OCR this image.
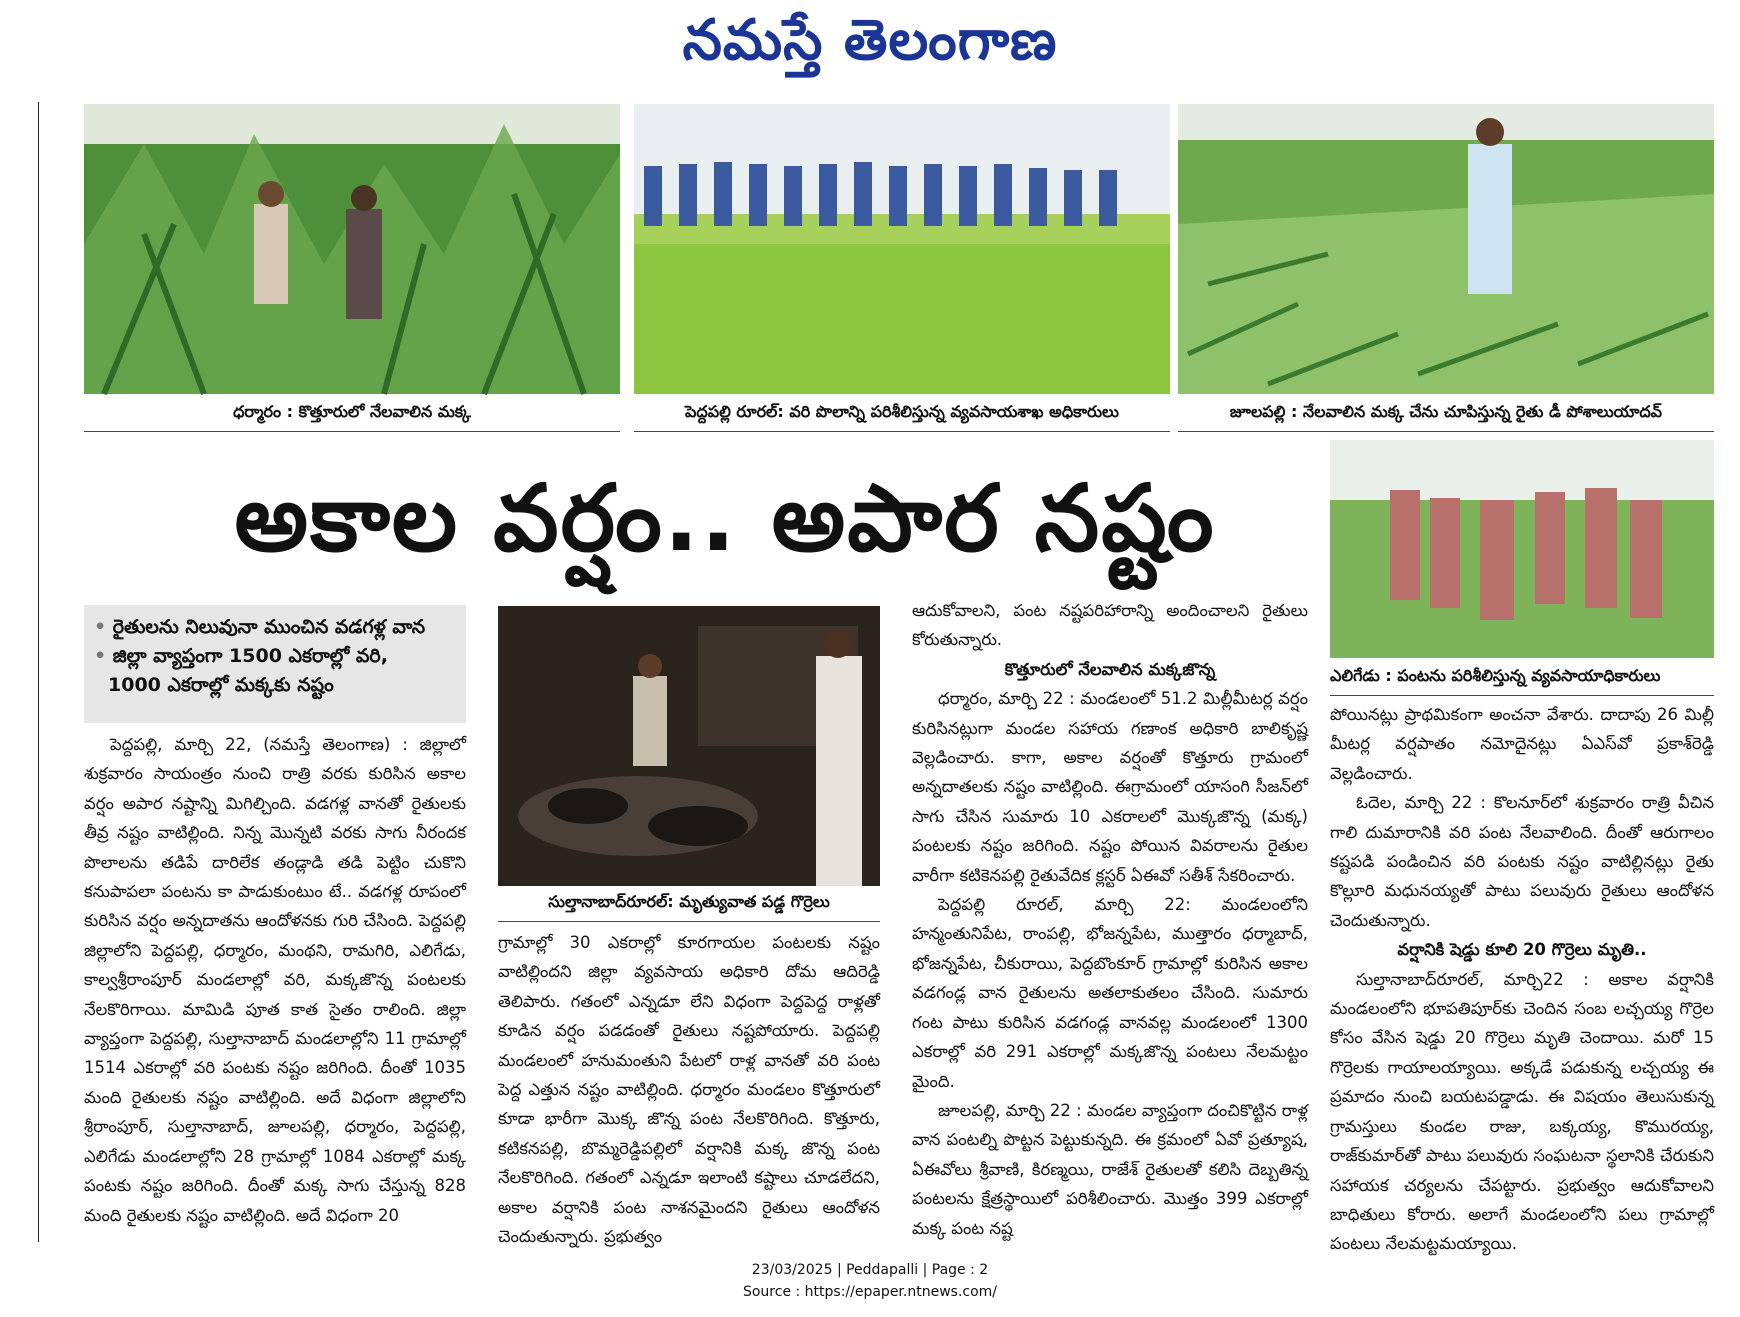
నమస్తే తెలంగాణ
ధర్మారం : కొత్తూరులో నేలవాలిన మక్క	పెద్దపల్లి రూరల్: వరి పొలాన్ని పరిశీలిస్తున్న వ్యవసాయశాఖ అధికారులు	జూలపల్లి : నేలవాలిన మక్క చేను చూపిస్తున్న రైతు డీ పోశాలుయాదవ్
అకాల వర్షం.. అపార నష్టం
ఎలిగేడు : పంటను పరిశీలిస్తున్న వ్యవసాయాధికారులు
• రైతులను నిలువునా ముంచిన వడగళ్ల వాన
• జిల్లా వ్యాప్తంగా 1500 ఎకరాల్లో వరి,
1000 ఎకరాల్లో మక్కకు నష్టం
సుల్తానాబాద్‌రూరల్: మృత్యువాత పడ్డ గొర్రెలు

పెద్దపల్లి, మార్చి 22, (నమస్తే తెలంగాణ) : జిల్లాలో శుక్రవారం సాయంత్రం నుంచి రాత్రి వరకు కురిసిన అకాల వర్షం అపార నష్టాన్ని మిగిల్చింది. వడగళ్ల వానతో రైతులకు తీవ్ర నష్టం వాటిల్లింది. నిన్న మొన్నటి వరకు సాగు నీరందక పొలాలను తడిపే దారిలేక తండ్లాడి తడి పెట్టిం చుకొని కనుపాపలా పంటను కా పాడుకుంటుం టే.. వడగళ్ల రూపంలో కురిసిన వర్షం అన్నదాతను ఆందోళనకు గురి చేసింది. పెద్దపల్లి జిల్లాలోని పెద్దపల్లి, ధర్మారం, మంథని, రామగిరి, ఎలిగేడు, కాల్వశ్రీరాంపూర్ మండలాల్లో వరి, మక్కజొన్న పంటలకు నేలకొరిగాయి. మామిడి పూత కాత సైతం రాలింది. జిల్లా వ్యాప్తంగా పెద్దపల్లి, సుల్తానాబాద్ మండలాల్లోని 11 గ్రామాల్లో 1514 ఎకరాల్లో వరి పంటకు నష్టం జరిగింది. దీంతో 1035 మంది రైతులకు నష్టం వాటిల్లింది. అదే విధంగా జిల్లాలోని శ్రీరాంపూర్, సుల్తానాబాద్, జూలపల్లి, ధర్మారం, పెద్దపల్లి, ఎలిగేడు మండలాల్లోని 28 గ్రామాల్లో 1084 ఎకరాల్లో మక్క పంటకు నష్టం జరిగింది. దీంతో మక్క సాగు చేస్తున్న 828 మంది రైతులకు నష్టం వాటిల్లింది. అదే విధంగా 20

గ్రామాల్లో 30 ఎకరాల్లో కూరగాయల పంటలకు నష్టం వాటిల్లిందని జిల్లా వ్యవసాయ అధికారి దోమ ఆదిరెడ్డి తెలిపారు. గతంలో ఎన్నడూ లేని విధంగా పెద్దపెద్ద రాళ్లతో కూడిన వర్షం పడడంతో రైతులు నష్టపోయారు. పెద్దపల్లి మండలంలో హనుమంతుని పేటలో రాళ్ల వానతో వరి పంట పెద్ద ఎత్తున నష్టం వాటిల్లింది. ధర్మారం మండలం కొత్తూరులో కూడా భారీగా మొక్క జొన్న పంట నేలకొరిగింది. కొత్తూరు, కటికనపల్లి, బొమ్మరెడ్డిపల్లిలో వర్షానికి మక్క జొన్న పంట నేలకొరిగింది. గతంలో ఎన్నడూ ఇలాంటి కష్టాలు చూడలేదని, అకాల వర్షానికి పంట నాశనమైందని రైతులు ఆందోళన చెందుతున్నారు. ప్రభుత్వం

ఆదుకోవాలని, పంట నష్టపరిహారాన్ని అందించాలని రైతులు కోరుతున్నారు.

కొత్తూరులో నేలవాలిన మక్కజొన్న

ధర్మారం, మార్చి 22 : మండలంలో 51.2 మిల్లీమీటర్ల వర్షం కురిసినట్లుగా మండల సహాయ గణాంక అధికారి బాలికృష్ణ వెల్లడించారు. కాగా, అకాల వర్షంతో కొత్తూరు గ్రామంలో అన్నదాతలకు నష్టం వాటిల్లింది. ఈగ్రామంలో యాసంగి సీజన్‌లో సాగు చేసిన సుమారు 10 ఎకరాలలో మొక్కజొన్న (మక్క) పంటలకు నష్టం జరిగింది. నష్టం పోయిన వివరాలను రైతుల వారీగా కటికెనపల్లి రైతువేదిక క్లస్టర్ ఏఈవో సతీశ్ సేకరించారు.

పెద్దపల్లి రూరల్, మార్చి 22: మండలంలోని హన్మంతునిపేట, రాంపల్లి, భోజన్నపేట, ముత్తారం ధర్మాబాద్, భోజన్నపేట, చీకురాయి, పెద్దబొంకూర్ గ్రామాల్లో కురిసిన అకాల వడగండ్ల వాన రైతులను అతలాకుతలం చేసింది. సుమారు గంట పాటు కురిసిన వడగండ్ల వానవల్ల మండలంలో 1300 ఎకరాల్లో వరి 291 ఎకరాల్లో మక్కజొన్న పంటలు నేలమట్టం మైంది.

జూలపల్లి, మార్చి 22 : మండల వ్యాప్తంగా దంచికొట్టిన రాళ్ల వాన పంటల్ని పొట్టన పెట్టుకున్నది. ఈ క్రమంలో ఏవో ప్రత్యూష, ఏఈవోలు శ్రీవాణి, కిరణ్మయి, రాజేశ్ రైతులతో కలిసి దెబ్బతిన్న పంటలను క్షేత్రస్థాయిలో పరిశీలించారు. మొత్తం 399 ఎకరాల్లో మక్క పంట నష్ట

పోయినట్లు ప్రాథమికంగా అంచనా వేశారు. దాదాపు 26 మిల్లీ మీటర్ల వర్షపాతం నమోదైనట్లు ఏఎస్‌వో ప్రకాశ్‌రెడ్డి వెల్లడించారు.

ఓదెల, మార్చి 22 : కొలనూర్‌లో శుక్రవారం రాత్రి వీచిన గాలి దుమారానికి వరి పంట నేలవాలింది. దీంతో ఆరుగాలం కష్టపడి పండించిన వరి పంటకు నష్టం వాటిల్లినట్లు రైతు కొల్లూరి మధునయ్యతో పాటు పలువురు రైతులు ఆందోళన చెందుతున్నారు.

వర్షానికి షెడ్డు కూలి 20 గొర్రెలు మృతి..

సుల్తానాబాద్‌రూరల్, మార్చి22 : అకాల వర్షానికి మండలంలోని భూపతిపూర్‌కు చెందిన సంబ లచ్చయ్య గొర్రెల కోసం వేసిన షెడ్డు 20 గొర్రెలు మృతి చెందాయి. మరో 15 గొర్రెలకు గాయాలయ్యాయి. అక్కడే పడుకున్న లచ్చయ్య ఈ ప్రమాదం నుంచి బయటపడ్డాడు. ఈ విషయం తెలుసుకున్న గ్రామస్తులు కుండల రాజు, బక్కయ్య, కొమురయ్య, రాజ్‌కుమార్‌తో పాటు పలువురు సంఘటనా స్థలానికి చేరుకుని సహాయక చర్యలను చేపట్టారు. ప్రభుత్వం ఆదుకోవాలని బాధితులు కోరారు. అలాగే మండలంలోని పలు గ్రామాల్లో పంటలు నేలమట్టమయ్యాయి.

23/03/2025 | Peddapalli | Page : 2
Source : https://epaper.ntnews.com/
